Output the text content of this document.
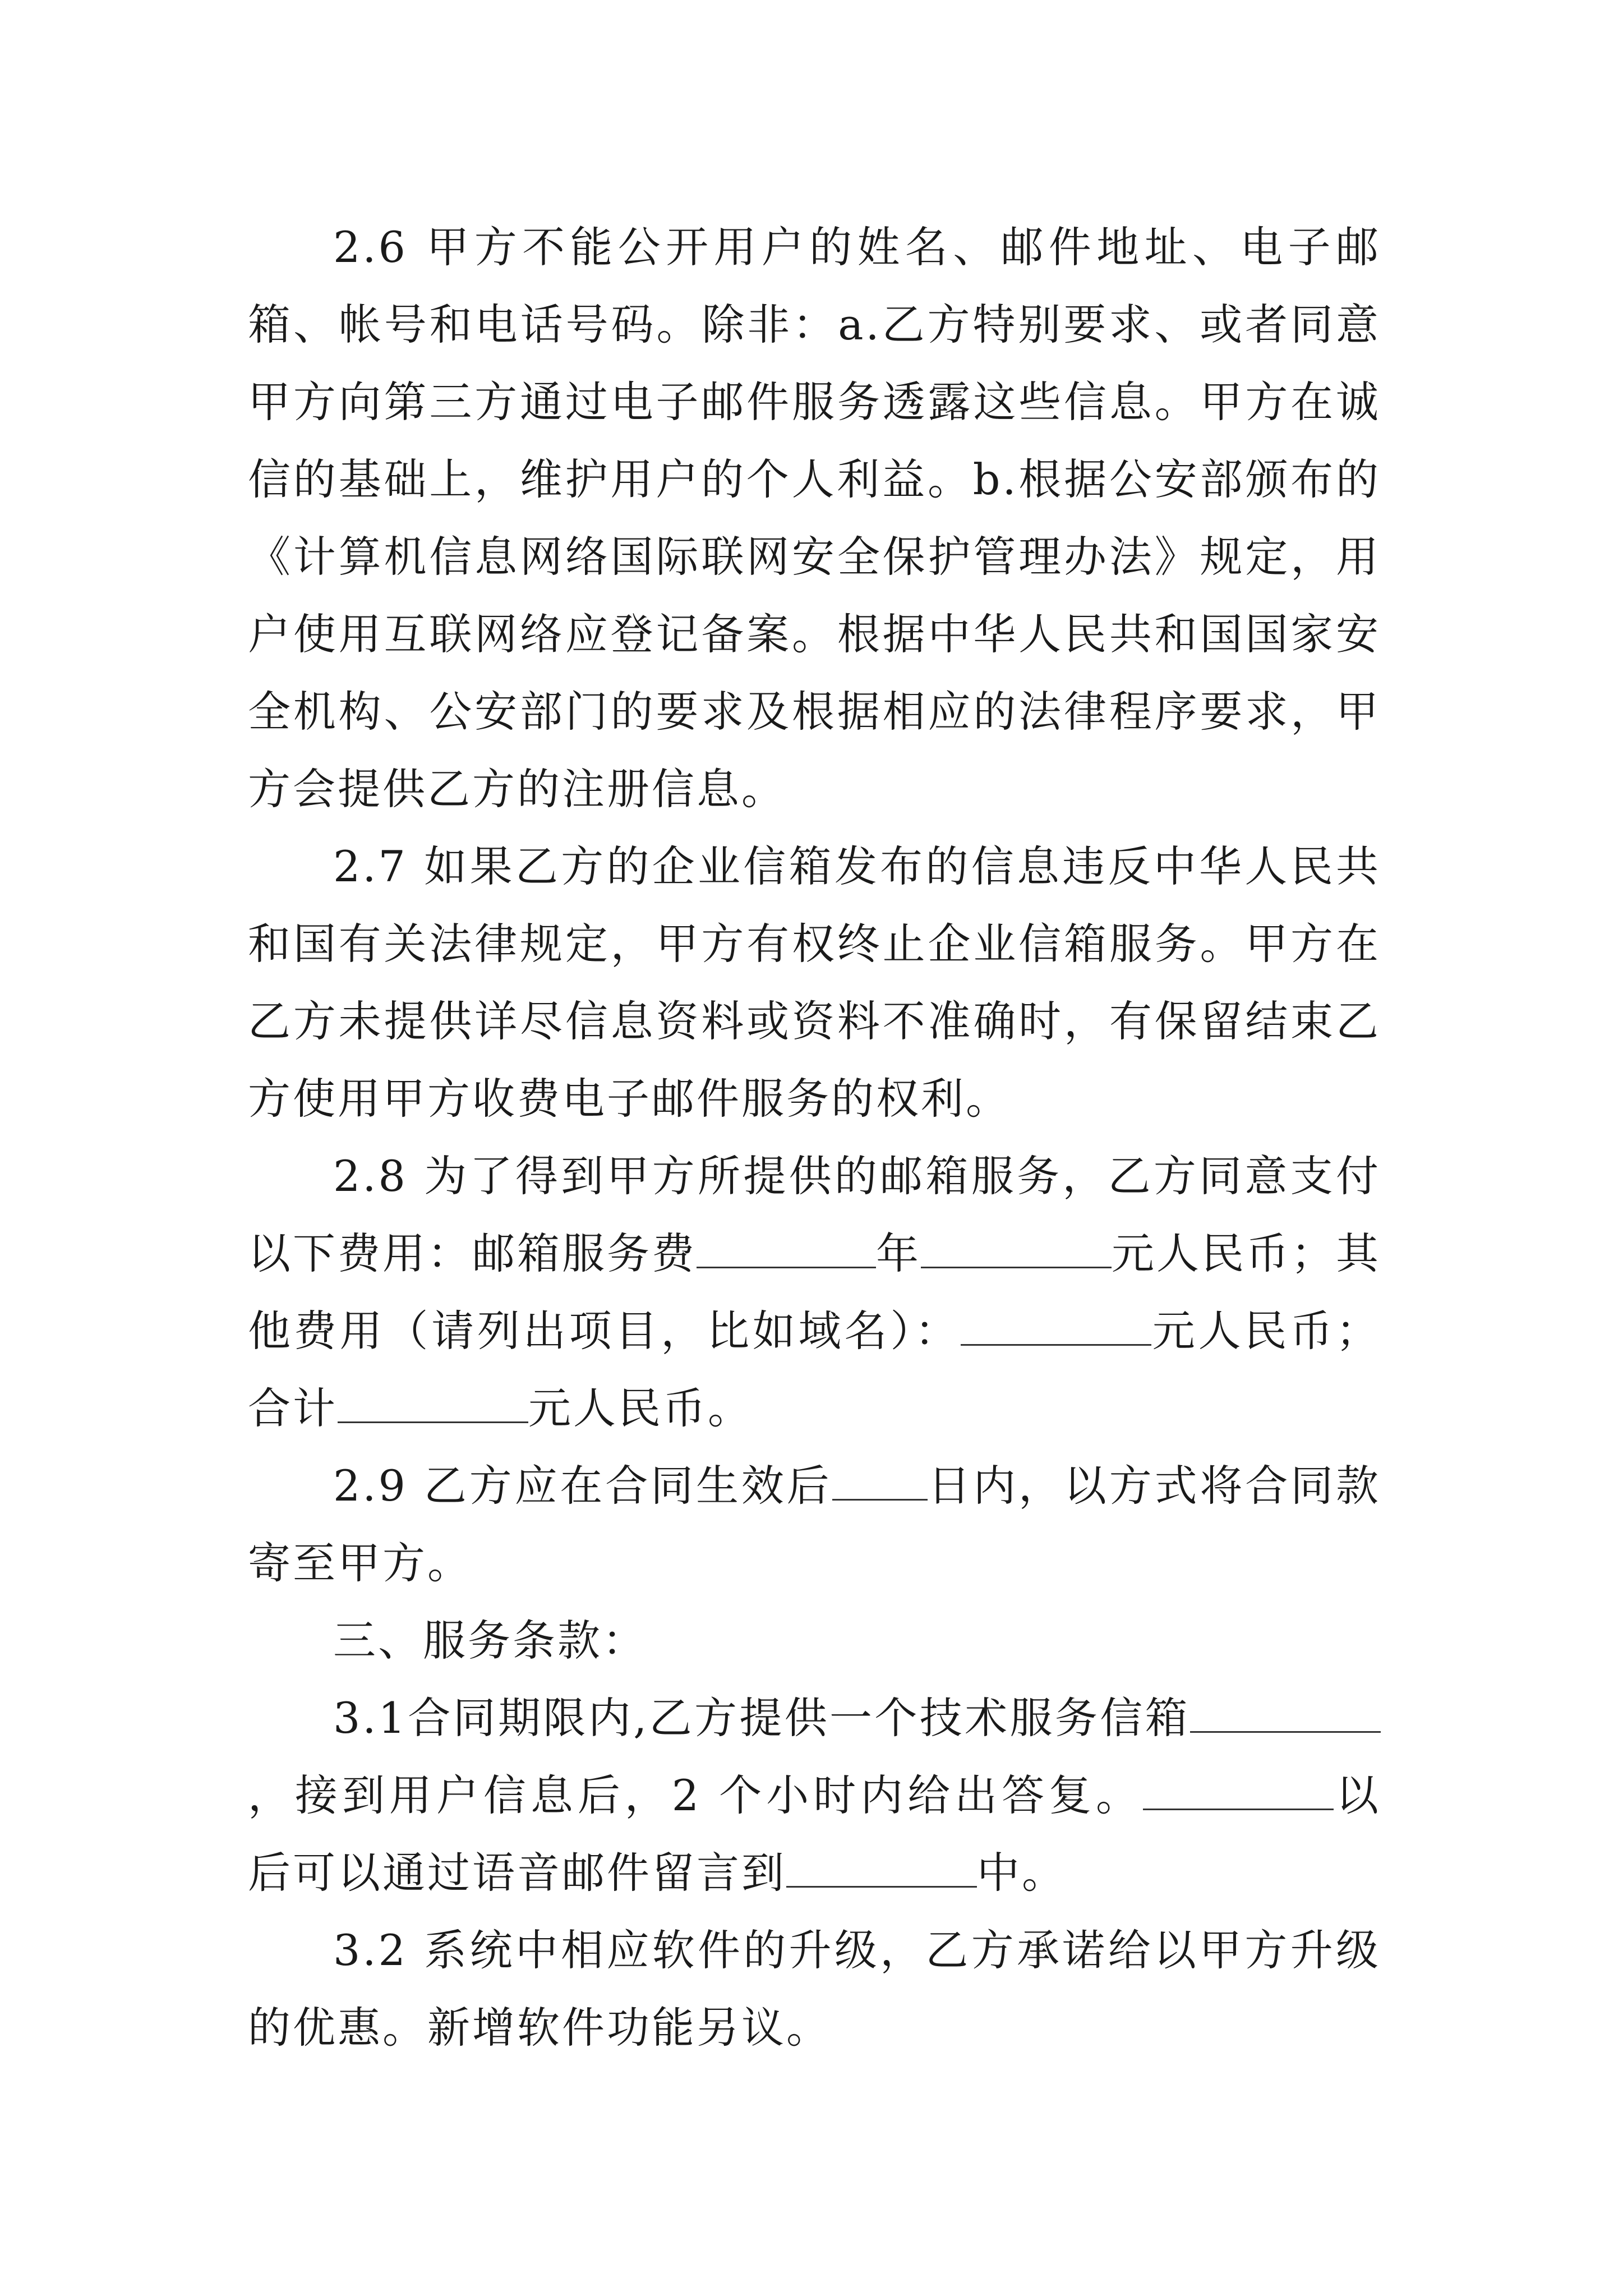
2.6 甲方不能公开用户的姓名、邮件地址、电子邮箱、帐号和电话号码。除非：a.乙方特别要求、或者同意甲方向第三方通过电子邮件服务透露这些信息。甲方在诚信的基础上，维护用户的个人利益。b.根据公安部颁布的《计算机信息网络国际联网安全保护管理办法》规定，用户使用互联网络应登记备案。根据中华人民共和国国家安全机构、公安部门的要求及根据相应的法律程序要求，甲方会提供乙方的注册信息。

2.7 如果乙方的企业信箱发布的信息违反中华人民共和国有关法律规定，甲方有权终止企业信箱服务。甲方在乙方未提供详尽信息资料或资料不准确时，有保留结束乙方使用甲方收费电子邮件服务的权利。

2.8 为了得到甲方所提供的邮箱服务，乙方同意支付以下费用：邮箱服务费	年	元人民币；其他费用（请列出项目，比如域名）：	元人民币；合计	元人民币。

2.9 乙方应在合同生效后 日内，以方式将合同款寄至甲方。

三、服务条款：

3.1合同期限内,乙方提供一个技术服务信箱，接到用户信息后，2 个小时内给出答复。	以后可以通过语音邮件留言到	中。

3.2 系统中相应软件的升级，乙方承诺给以甲方升级的优惠。新增软件功能另议。
